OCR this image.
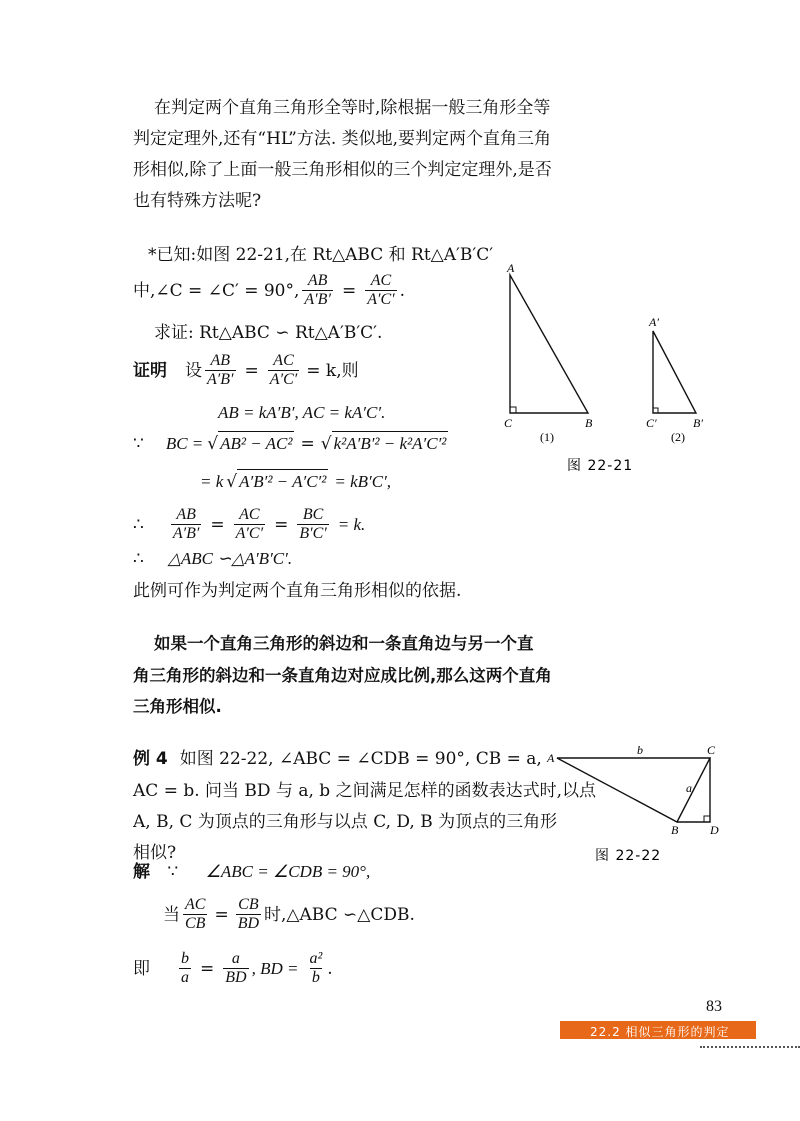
在判定两个直角三角形全等时,除根据一般三角形全等
判定定理外,还有“HL”方法. 类似地,要判定两个直角三角
形相似,除了上面一般三角形相似的三个判定定理外,是否
也有特殊方法呢?
*已知:如图 22-21,在 Rt△ABC 和 Rt△A′B′C′
中,∠C = ∠C′ = 90°, $\frac{AB}{A'B'} = \frac{AC}{A'C'}$ .
求证: Rt△ABC ∽ Rt△A′B′C′.
证明 设 $\frac{AB}{A'B'} = \frac{AC}{A'C'} = k$,则
AB = kA′B′, AC = kA′C′.
∵ BC = √ AB² − AC² = √ k²A′B′² − k²A′C′²
= k √ A′B′² − A′C′² = kB′C′,
∴ $\frac{AB}{A'B'} = \frac{AC}{A'C'} = \frac{BC}{B'C'} = k$.
∴ △ABC ∽△A′B′C′.
此例可作为判定两个直角三角形相似的依据.
如果一个直角三角形的斜边和一条直角边与另一个直
角三角形的斜边和一条直角边对应成比例,那么这两个直角
三角形相似.
例 4 如图 22-22, ∠ABC = ∠CDB = 90°, CB = a,
AC = b. 问当 BD 与 a, b 之间满足怎样的函数表达式时,以点
A, B, C 为顶点的三角形与以点 C, D, B 为顶点的三角形
相似?
解 ∵ ∠ABC = ∠CDB = 90°,
当 $\frac{AC}{CB} = \frac{CB}{BD}$ 时,△ABC ∽△CDB.
即 $\frac{b}{a} = \frac{a}{BD}$ , BD = $\frac{\text{a²}}{b}$ .
A
C	B
(1)
A′
C′	B′
(2)
图 22-21
A
B
C
D
b
a
图 22-22
83
22.2 相似三角形的判定
